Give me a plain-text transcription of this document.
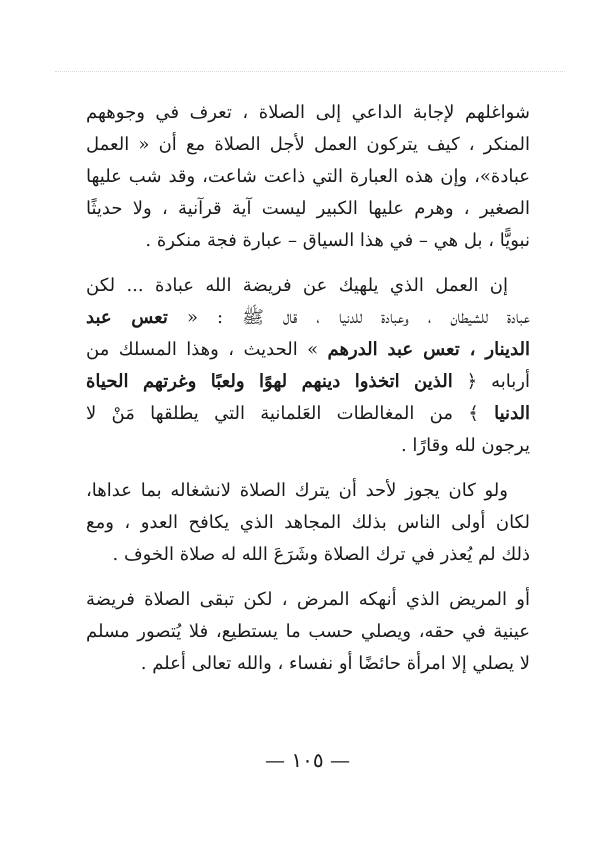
شواغلهم لإجابة الداعي إلى الصلاة ، تعرف في وجوههم
المنكر ، كيف يتركون العمل لأجل الصلاة مع أن « العمل
عبادة»، وإن هذه العبارة التي ذاعت شاعت، وقد شب عليها
الصغير ، وهرم عليها الكبير ليست آية قرآنية ، ولا حديثًا
نبويًّا ، بل هي – في هذا السياق – عبارة فجة منكرة .
إن العمل الذي يلهيك عن فريضة الله عبادة ... لكن
عبادة للشيطان ، وعبادة للدنيا ، قال ﷺ : « تعس عبد
الدينار ، تعس عبد الدرهم » الحديث ، وهذا المسلك من
أربابه ﴿ الذين اتخذوا دينهم لهوًا ولعبًا وغرتهم الحياة
الدنيا ﴾ من المغالطات العَلمانية التي يطلقها مَنْ لا
يرجون لله وقارًا .
ولو كان يجوز لأحد أن يترك الصلاة لانشغاله بما عداها،
لكان أولى الناس بذلك المجاهد الذي يكافح العدو ، ومع
ذلك لم يُعذر في ترك الصلاة وشَرَعَ الله له صلاة الخوف .
أو المريض الذي أنهكه المرض ، لكن تبقى الصلاة فريضة
عينية في حقه، ويصلي حسب ما يستطيع، فلا يُتصور مسلم
لا يصلي إلا امرأة حائضًا أو نفساء ، والله تعالى أعلم .
— ١٠٥ —
